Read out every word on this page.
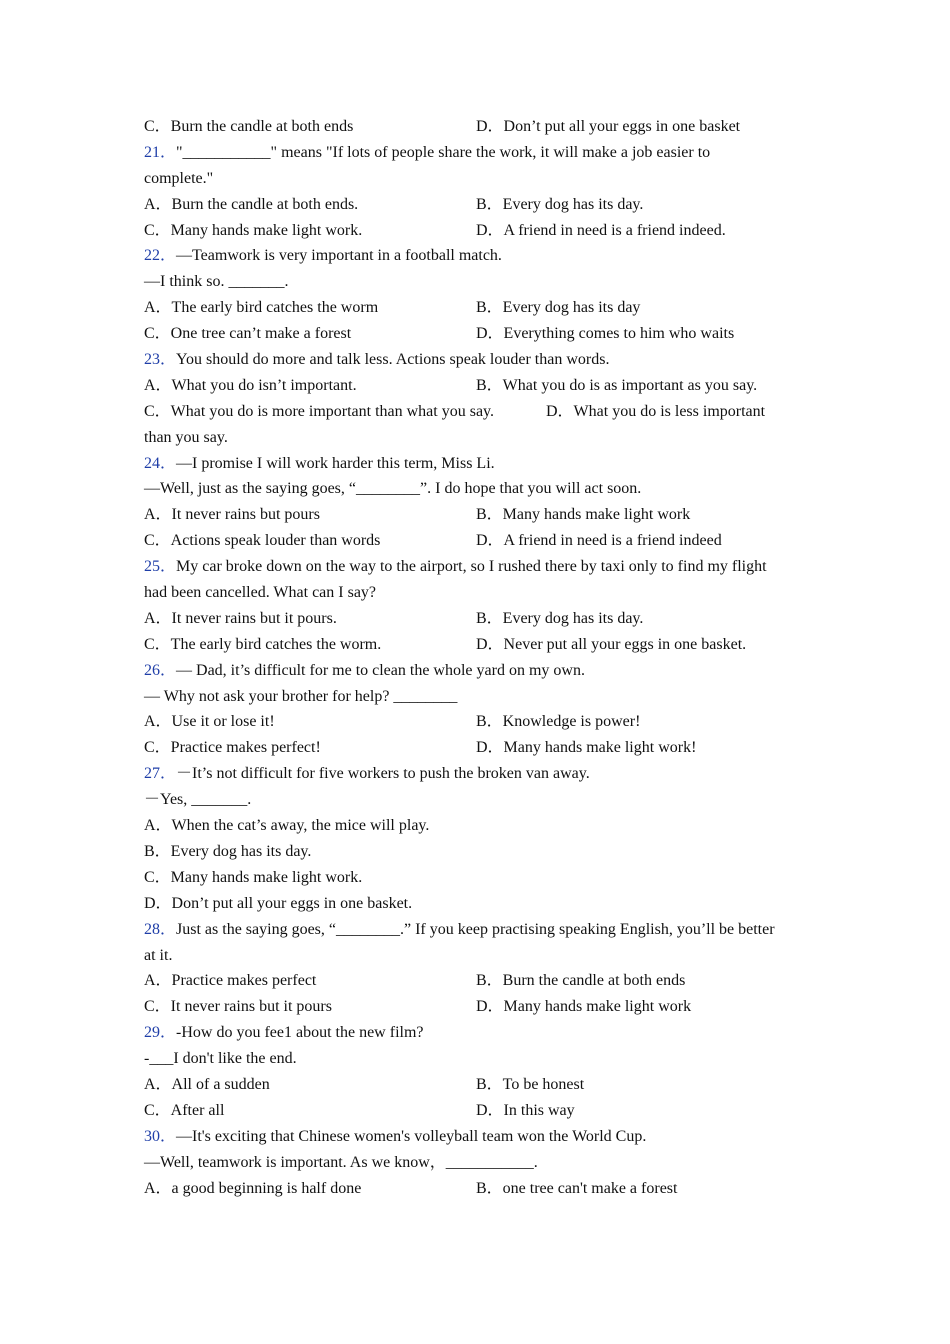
C．Burn the candle at both ends	D．Don’t put all your eggs in one basket
21．"___________" means "If lots of people share the work, it will make a job easier to
complete."
A．Burn the candle at both ends.	B．Every dog has its day.
C．Many hands make light work.	D．A friend in need is a friend indeed.
22．—Teamwork is very important in a football match.
—I think so. _______.
A．The early bird catches the worm	B．Every dog has its day
C．One tree can’t make a forest	D．Everything comes to him who waits
23．You should do more and talk less. Actions speak louder than words.
A．What you do isn’t important.	B．What you do is as important as you say.
C．What you do is more important than what you say.	D．What you do is less important
than you say.
24．—I promise I will work harder this term, Miss Li.
—Well, just as the saying goes, “________”. I do hope that you will act soon.
A．It never rains but pours	B．Many hands make light work
C．Actions speak louder than words	D．A friend in need is a friend indeed
25．My car broke down on the way to the airport, so I rushed there by taxi only to find my flight
had been cancelled. What can I say?
A．It never rains but it pours.	B．Every dog has its day.
C．The early bird catches the worm.	D．Never put all your eggs in one basket.
26．— Dad, it’s difficult for me to clean the whole yard on my own.
— Why not ask your brother for help? ________
A．Use it or lose it!	B．Knowledge is power!
C．Practice makes perfect!	D．Many hands make light work!
27．－It’s not difficult for five workers to push the broken van away.
－Yes, _______.
A．When the cat’s away, the mice will play.
B．Every dog has its day.
C．Many hands make light work.
D．Don’t put all your eggs in one basket.
28．Just as the saying goes, “________.” If you keep practising speaking English, you’ll be better
at it.
A．Practice makes perfect	B．Burn the candle at both ends
C．It never rains but it pours	D．Many hands make light work
29．-How do you fee1 about the new film?
-___I don't like the end.
A．All of a sudden	B．To be honest
C．After all	D．In this way
30．—It's exciting that Chinese women's volleyball team won the World Cup.
—Well, teamwork is important. As we know，___________.
A．a good beginning is half done	B．one tree can't make a forest
